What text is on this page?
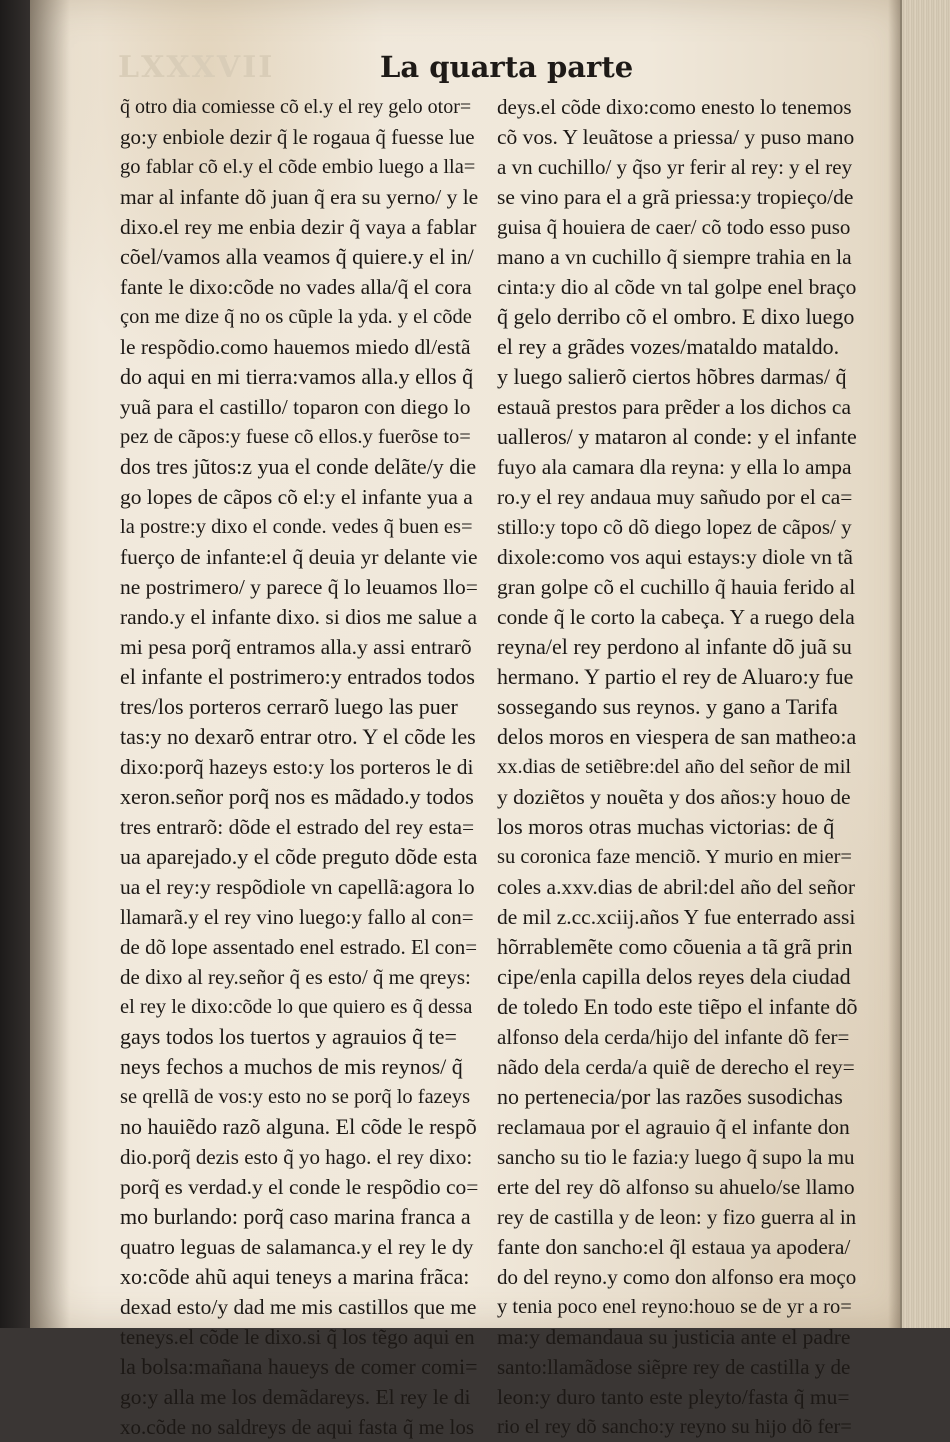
LXXXVII	La quarta parte
q̃ otro dia comiesse cõ el.y el rey gelo otor=
go:y enbiole dezir q̃ le rogaua q̃ fuesse lue
go fablar cõ el.y el cõde embio luego a lla=
mar al infante dõ juan q̃ era su yerno/ y le
dixo.el rey me enbia dezir q̃ vaya a fablar
cõel/vamos alla veamos q̃ quiere.y el in/
fante le dixo:cõde no vades alla/q̃ el cora
çon me dize q̃ no os cũple la yda. y el cõde
le respõdio.como hauemos miedo dl/estã
do aqui en mi tierra:vamos alla.y ellos q̃
yuã para el castillo/ toparon con diego lo
pez de cãpos:y fuese cõ ellos.y fuerõse to=
dos tres jũtos:z yua el conde delãte/y die
go lopes de cãpos cõ el:y el infante yua a
la postre:y dixo el conde. vedes q̃ buen es=
fuerço de infante:el q̃ deuia yr delante vie
ne postrimero/ y parece q̃ lo leuamos llo=
rando.y el infante dixo. si dios me salue a
mi pesa porq̃ entramos alla.y assi entrarõ
el infante el postrimero:y entrados todos
tres/los porteros cerrarõ luego las puer
tas:y no dexarõ entrar otro. Y el cõde les
dixo:porq̃ hazeys esto:y los porteros le di
xeron.señor porq̃ nos es mãdado.y todos
tres entrarõ: dõde el estrado del rey esta=
ua aparejado.y el cõde preguto dõde esta
ua el rey:y respõdiole vn capellã:agora lo
llamarã.y el rey vino luego:y fallo al con=
de dõ lope assentado enel estrado. El con=
de dixo al rey.señor q̃ es esto/ q̃ me qreys:
el rey le dixo:cõde lo que quiero es q̃ dessa
gays todos los tuertos y agrauios q̃ te=
neys fechos a muchos de mis reynos/ q̃
se qrellã de vos:y esto no se porq̃ lo fazeys
no hauiẽdo razõ alguna. El cõde le respõ
dio.porq̃ dezis esto q̃ yo hago. el rey dixo:
porq̃ es verdad.y el conde le respõdio co=
mo burlando: porq̃ caso marina franca a
quatro leguas de salamanca.y el rey le dy
xo:cõde ahũ aqui teneys a marina frãca:
dexad esto/y dad me mis castillos que me
teneys.el cõde le dixo.si q̃ los tẽgo aqui en
la bolsa:mañana haueys de comer comi=
go:y alla me los demãdareys. El rey le di
xo.cõde no saldreys de aqui fasta q̃ me los
deys.el cõde dixo:como enesto lo tenemos
cõ vos. Y leuãtose a priessa/ y puso mano
a vn cuchillo/ y q̃so yr ferir al rey: y el rey
se vino para el a grã priessa:y tropieço/de
guisa q̃ houiera de caer/ cõ todo esso puso
mano a vn cuchillo q̃ siempre trahia en la
cinta:y dio al cõde vn tal golpe enel braço
q̃ gelo derribo cõ el ombro. E dixo luego
el rey a grãdes vozes/mataldo mataldo.
y luego salierõ ciertos hõbres darmas/ q̃
estauã prestos para prẽder a los dichos ca
ualleros/ y mataron al conde: y el infante
fuyo ala camara dla reyna: y ella lo ampa
ro.y el rey andaua muy sañudo por el ca=
stillo:y topo cõ dõ diego lopez de cãpos/ y
dixole:como vos aqui estays:y diole vn tã
gran golpe cõ el cuchillo q̃ hauia ferido al
conde q̃ le corto la cabeça. Y a ruego dela
reyna/el rey perdono al infante dõ juã su
hermano. Y partio el rey de Aluaro:y fue
sossegando sus reynos. y gano a Tarifa
delos moros en viespera de san matheo:a
xx.dias de setiẽbre:del año del señor de mil
y doziẽtos y nouẽta y dos años:y houo de
los moros otras muchas victorias: de q̃
su coronica faze menciõ. Y murio en mier=
coles a.xxv.dias de abril:del año del señor
de mil z.cc.xciij.años Y fue enterrado assi
hõrrablemẽte como cõuenia a tã grã prin
cipe/enla capilla delos reyes dela ciudad
de toledo En todo este tiẽpo el infante dõ
alfonso dela cerda/hijo del infante dõ fer=
nãdo dela cerda/a quiẽ de derecho el rey=
no pertenecia/por las razões susodichas
reclamaua por el agrauio q̃ el infante don
sancho su tio le fazia:y luego q̃ supo la mu
erte del rey dõ alfonso su ahuelo/se llamo
rey de castilla y de leon: y fizo guerra al in
fante don sancho:el q̃l estaua ya apodera/
do del reyno.y como don alfonso era moço
y tenia poco enel reyno:houo se de yr a ro=
ma:y demandaua su justicia ante el padre
santo:llamãdose siẽpre rey de castilla y de
leon:y duro tanto este pleyto/fasta q̃ mu=
rio el rey dõ sancho:y reyno su hijo dõ fer=
